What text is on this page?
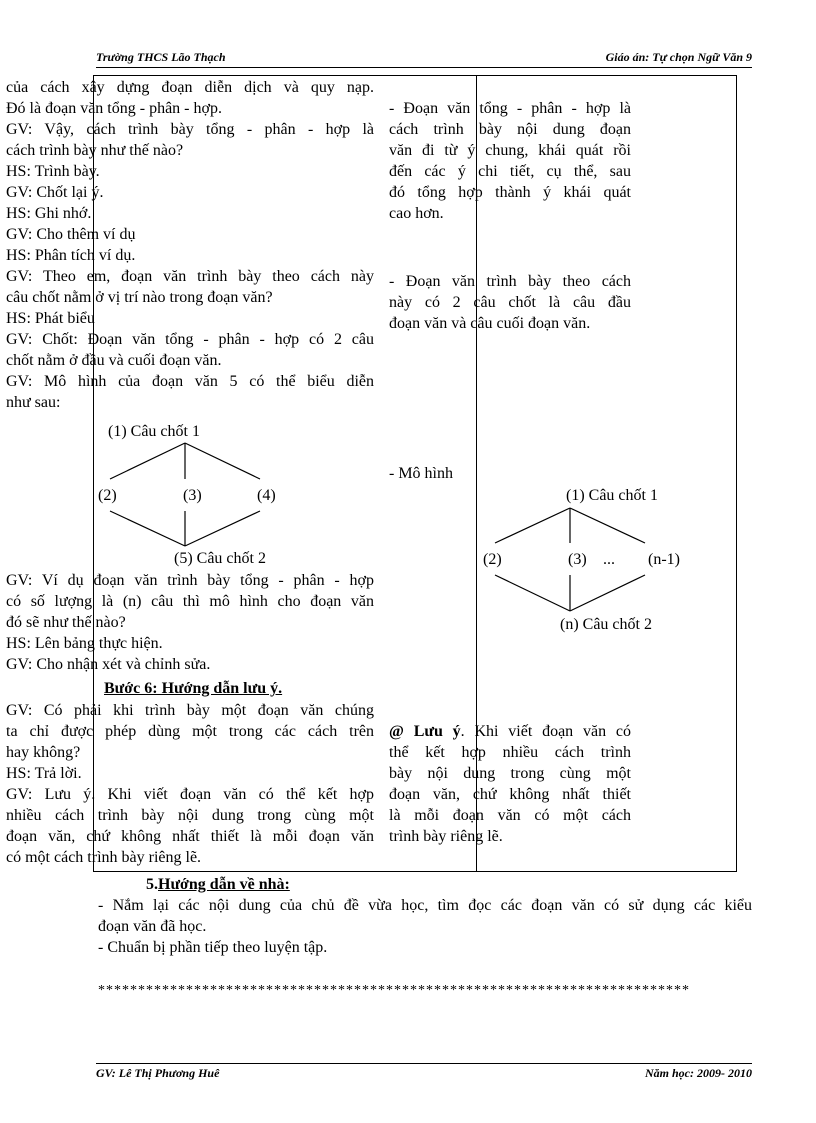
Trường THCS Lão Thạch	Giáo án: Tự chọn Ngữ Văn 9
của cách xây dựng đoạn diễn dịch và quy nạp.
Đó là đoạn văn tổng - phân - hợp.
GV: Vậy, cách trình bày tổng - phân - hợp là
cách trình bày như thế nào?
HS: Trình bày.
GV: Chốt lại ý.
HS: Ghi nhớ.
GV: Cho thêm ví dụ
HS: Phân tích ví dụ.
GV: Theo em, đoạn văn trình bày theo cách này
câu chốt nằm ở vị trí nào trong đoạn văn?
HS: Phát biểu
GV: Chốt: Đoạn văn tổng - phân - hợp có 2 câu
chốt nằm ở đầu và cuối đoạn văn.
GV: Mô hình của đoạn văn 5 có thể biểu diễn
như sau:
(1) Câu chốt 1
(2)	(3)	(4)
(5) Câu chốt 2
GV: Ví dụ đoạn văn trình bày tổng - phân - hợp
có số lượng là (n) câu thì mô hình cho đoạn văn
đó sẽ như thế nào?
HS: Lên bảng thực hiện.
GV: Cho nhận xét và chỉnh sửa.
Bước 6: Hướng dẫn lưu ý.
GV: Có phải khi trình bày một đoạn văn chúng
ta chỉ được phép dùng một trong các cách trên
hay không?
HS: Trả lời.
GV: Lưu ý. Khi viết đoạn văn có thể kết hợp
nhiều cách trình bày nội dung trong cùng một
đoạn văn, chứ không nhất thiết là mỗi đoạn văn
có một cách trình bày riêng lẽ.
- Đoạn văn tổng - phân - hợp là
cách trình bày nội dung đoạn
văn đi từ ý chung, khái quát rồi
đến các ý chi tiết, cụ thể, sau
đó tổng hợp thành ý khái quát
cao hơn.
- Đoạn văn trình bày theo cách
này có 2 câu chốt là câu đầu
đoạn văn và câu cuối đoạn văn.
- Mô hình
(1) Câu chốt 1
(2)	(3) ... (n-1)
(n) Câu chốt 2
@ Lưu ý. Khi viết đoạn văn có
thể kết hợp nhiều cách trình
bày nội dung trong cùng một
đoạn văn, chứ không nhất thiết
là mỗi đoạn văn có một cách
trình bày riêng lẽ.
5.Hướng dẫn về nhà:
- Nắm lại các nội dung của chủ đề vừa học, tìm đọc các đoạn văn có sử dụng các kiểu
đoạn văn đã học.
- Chuẩn bị phần tiếp theo luyện tập.
**************************************************************************
GV: Lê Thị Phương Huê	Năm học: 2009- 2010
